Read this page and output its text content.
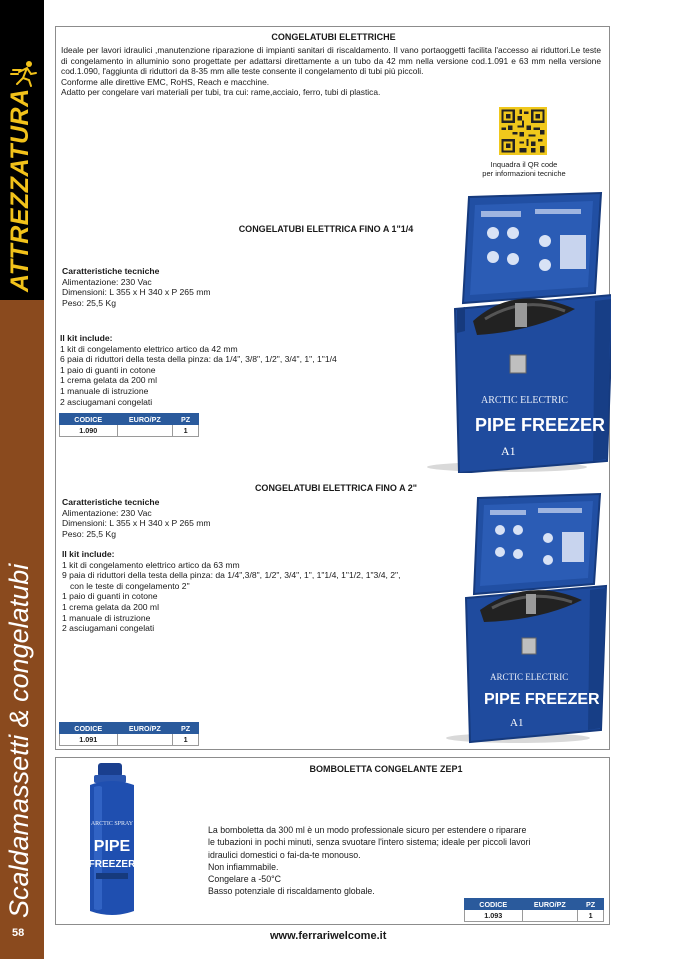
ATTREZZATURA
Scaldamassetti & congelatubi
58
CONGELATUBI ELETTRICHE

Ideale per lavori idraulici ,manutenzione riparazione di impianti sanitari di riscaldamento. Il vano portaoggetti facilita l'accesso ai riduttori.Le teste di congelamento in alluminio sono progettate per adattarsi direttamente a un tubo da 42 mm nella versione cod.1.091 e 63 mm nella versione cod.1.090, l'aggiunta di riduttori da 8-35 mm alle teste consente il congelamento di tubi più piccoli.

Conforme alle direttive EMC, RoHS, Reach e macchine.

Adatto per congelare vari materiali per tubi, tra cui: rame,acciaio, ferro, tubi di plastica.

Inquadra il QR code
per informazioni tecniche
CONGELATUBI ELETTRICA FINO A 1"1/4
Caratteristiche tecniche
Alimentazione: 230 Vac
Dimensioni: L 355 x H 340 x P 265 mm
Peso: 25,5 Kg
Il kit include:
1 kit di congelamento elettrico artico da 42 mm
6 paia di riduttori della testa della pinza: da 1/4", 3/8", 1/2", 3/4", 1", 1"1/4
1 paio di guanti in cotone
1 crema gelata da 200 ml
1 manuale di istruzione
2 asciugamani congelati
CODICE	EURO/PZ	PZ
1.090		1
ARCTIC ELECTRIC
PIPE FREEZER
A1
CONGELATUBI ELETTRICA FINO A 2"
Caratteristiche tecniche
Alimentazione: 230 Vac
Dimensioni: L 355 x H 340 x P 265 mm
Peso: 25,5 Kg
Il kit include:
1 kit di congelamento elettrico artico da 63 mm
9 paia di riduttori della testa della pinza: da 1/4",3/8", 1/2", 3/4", 1", 1"1/4, 1"1/2, 1"3/4, 2",
con le teste di congelamento 2"
1 paio di guanti in cotone
1 crema gelata da 200 ml
1 manuale di istruzione
2 asciugamani congelati
CODICE	EURO/PZ	PZ
1.091		1
ARCTIC ELECTRIC
PIPE FREEZER
A1
BOMBOLETTA CONGELANTE ZEP1
ARCTIC SPRAY
PIPE
FREEZER
La bomboletta da 300 ml è un modo professionale sicuro per estendere o riparare
le tubazioni in pochi minuti, senza svuotare l'intero sistema; ideale per piccoli lavori
idraulici domestici o fai-da-te monouso.
Non infiammabile.
Congelare a -50°C
Basso potenziale di riscaldamento globale.
CODICE	EURO/PZ	PZ
1.093		1
www.ferrariwelcome.it
